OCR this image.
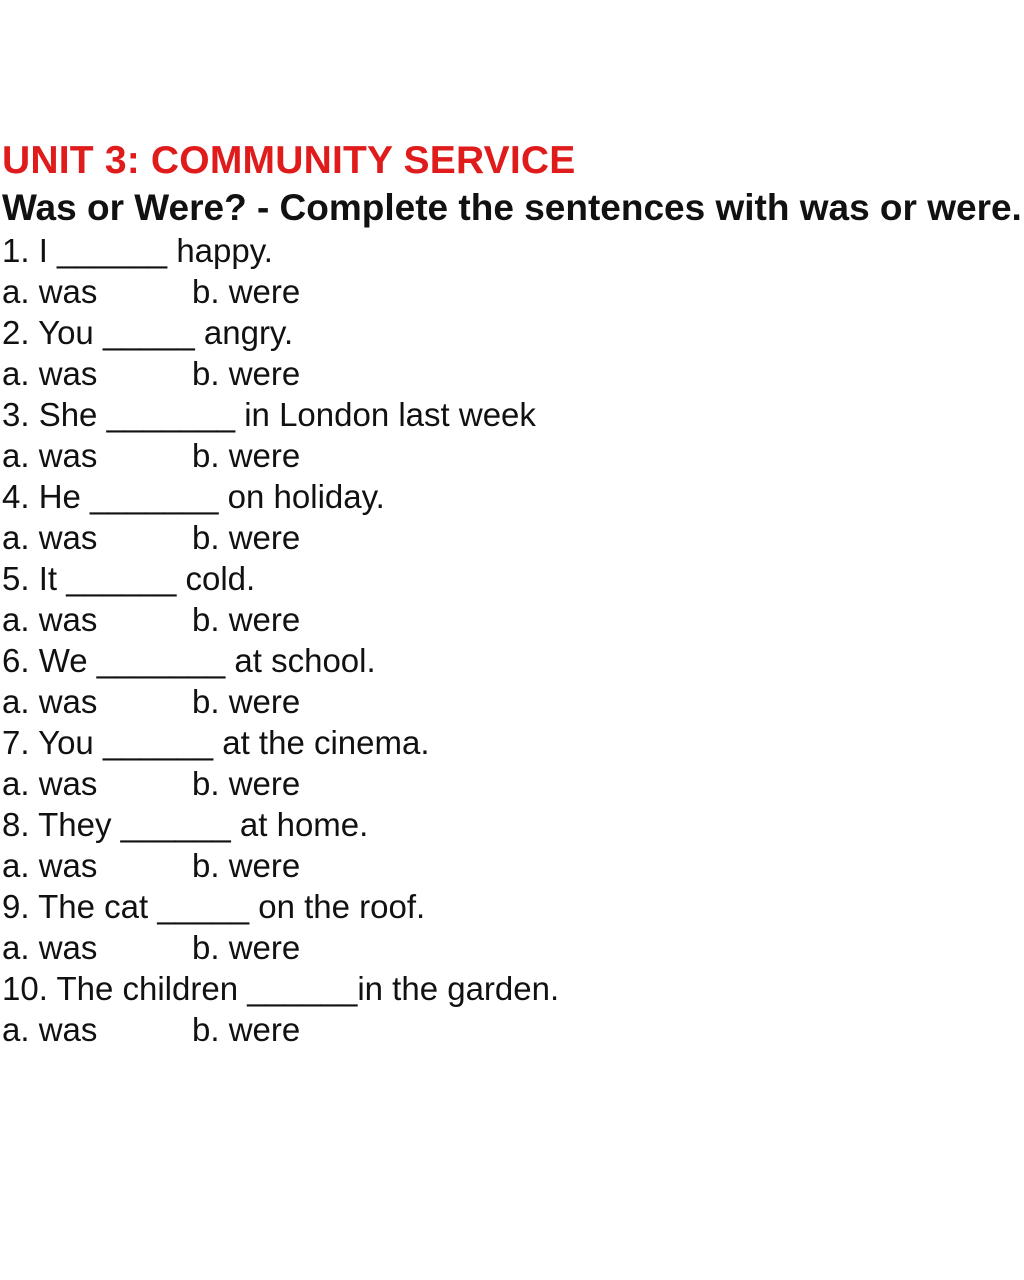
UNIT 3: COMMUNITY SERVICE
Was or Were? - Complete the sentences with was or were.
1. I ______ happy.
a. was	b. were
2. You _____ angry.
a. was	b. were
3. She _______ in London last week
a. was	b. were
4. He _______ on holiday.
a. was	b. were
5. It ______ cold.
a. was	b. were
6. We _______ at school.
a. was	b. were
7. You ______ at the cinema.
a. was	b. were
8. They ______ at home.
a. was	b. were
9. The cat _____ on the roof.
a. was	b. were
10. The children ______in the garden.
a. was	b. were
